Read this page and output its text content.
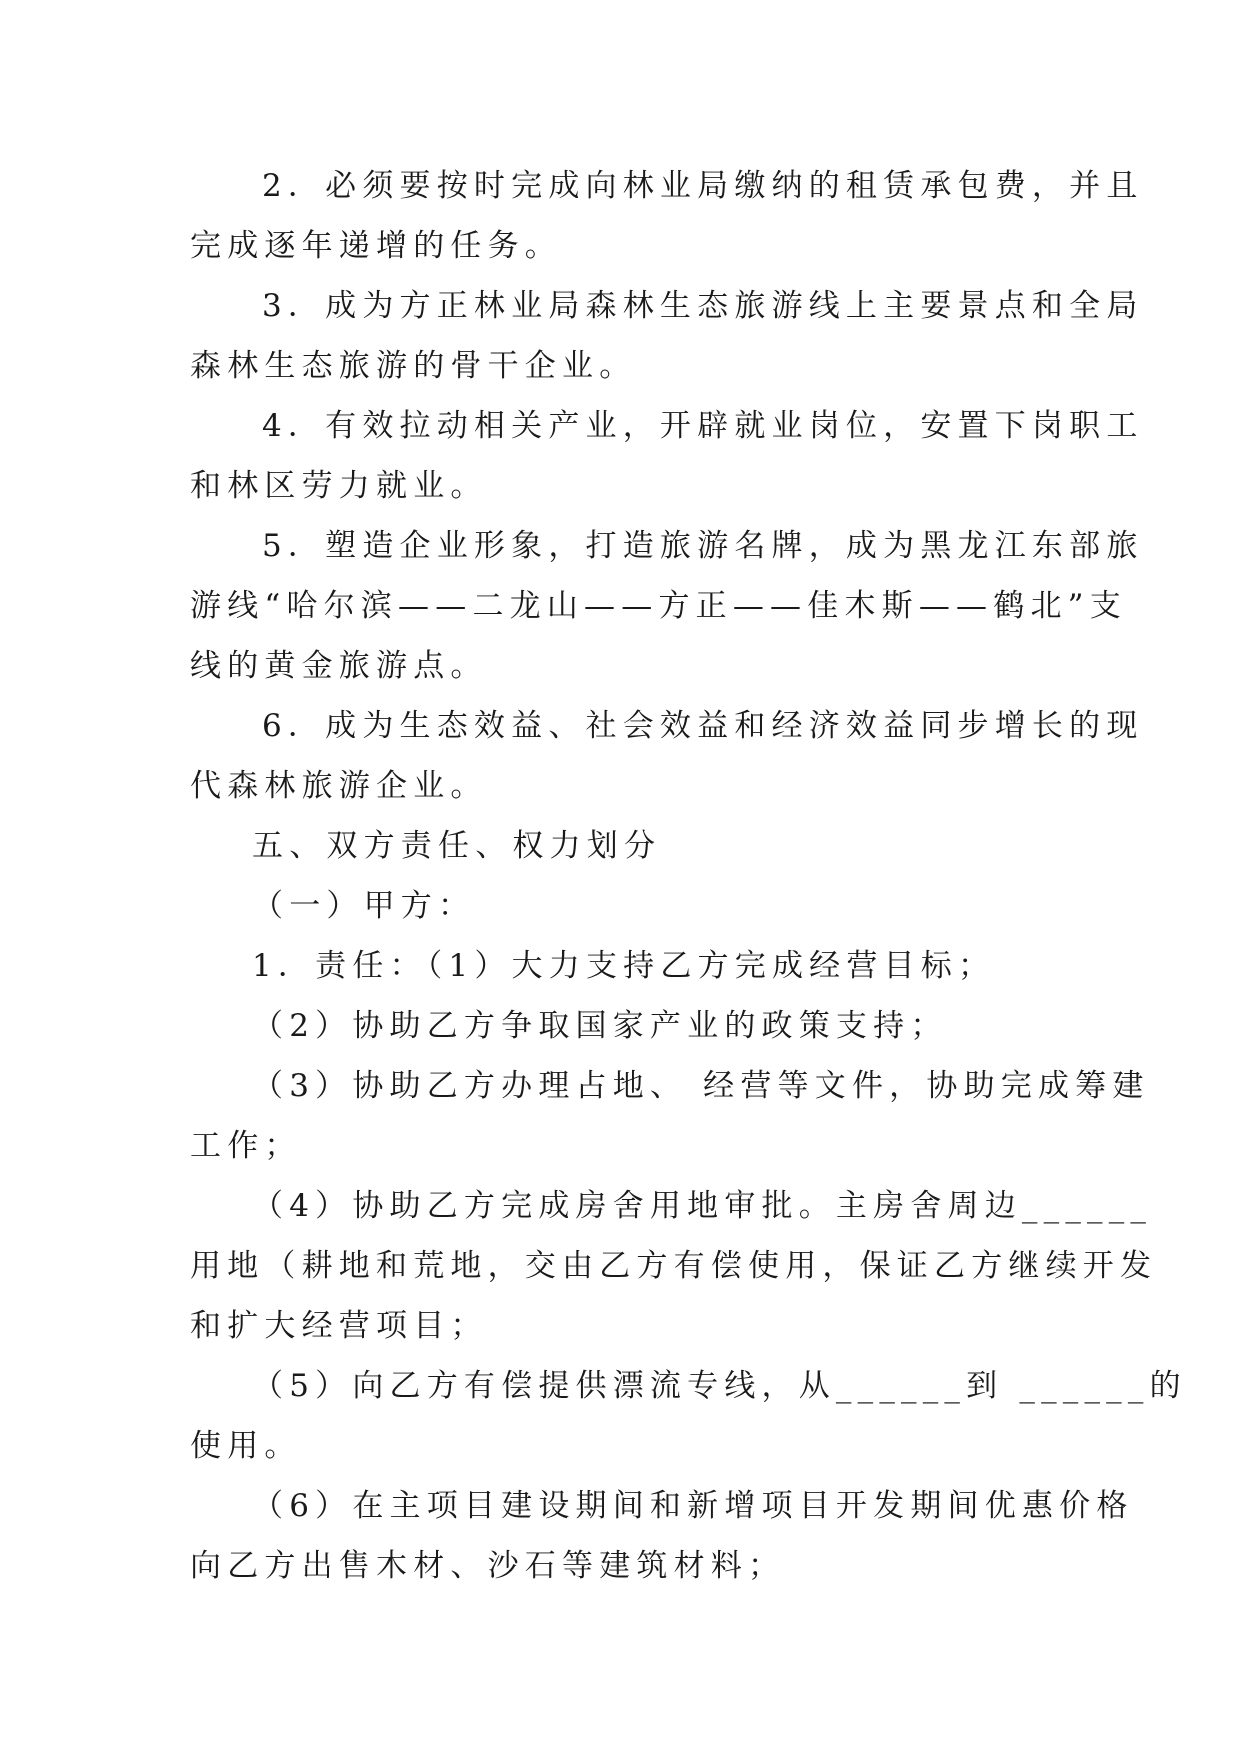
2．必须要按时完成向林业局缴纳的租赁承包费，并且
完成逐年递增的任务。
3．成为方正林业局森林生态旅游线上主要景点和全局
森林生态旅游的骨干企业。
4．有效拉动相关产业，开辟就业岗位，安置下岗职工
和林区劳力就业。
5．塑造企业形象，打造旅游名牌，成为黑龙江东部旅
游线“哈尔滨——二龙山——方正——佳木斯——鹤北”支
线的黄金旅游点。
6．成为生态效益、社会效益和经济效益同步增长的现
代森林旅游企业。
五、双方责任、权力划分
（一）甲方：
1．责任：（1）大力支持乙方完成经营目标；
（2）协助乙方争取国家产业的政策支持；
（3）协助乙方办理占地、 经营等文件，协助完成筹建
工作；
（4）协助乙方完成房舍用地审批。主房舍周边______
用地（耕地和荒地，交由乙方有偿使用，保证乙方继续开发
和扩大经营项目；
（5）向乙方有偿提供漂流专线，从______到 ______的
使用。
（6）在主项目建设期间和新增项目开发期间优惠价格
向乙方出售木材、沙石等建筑材料；
